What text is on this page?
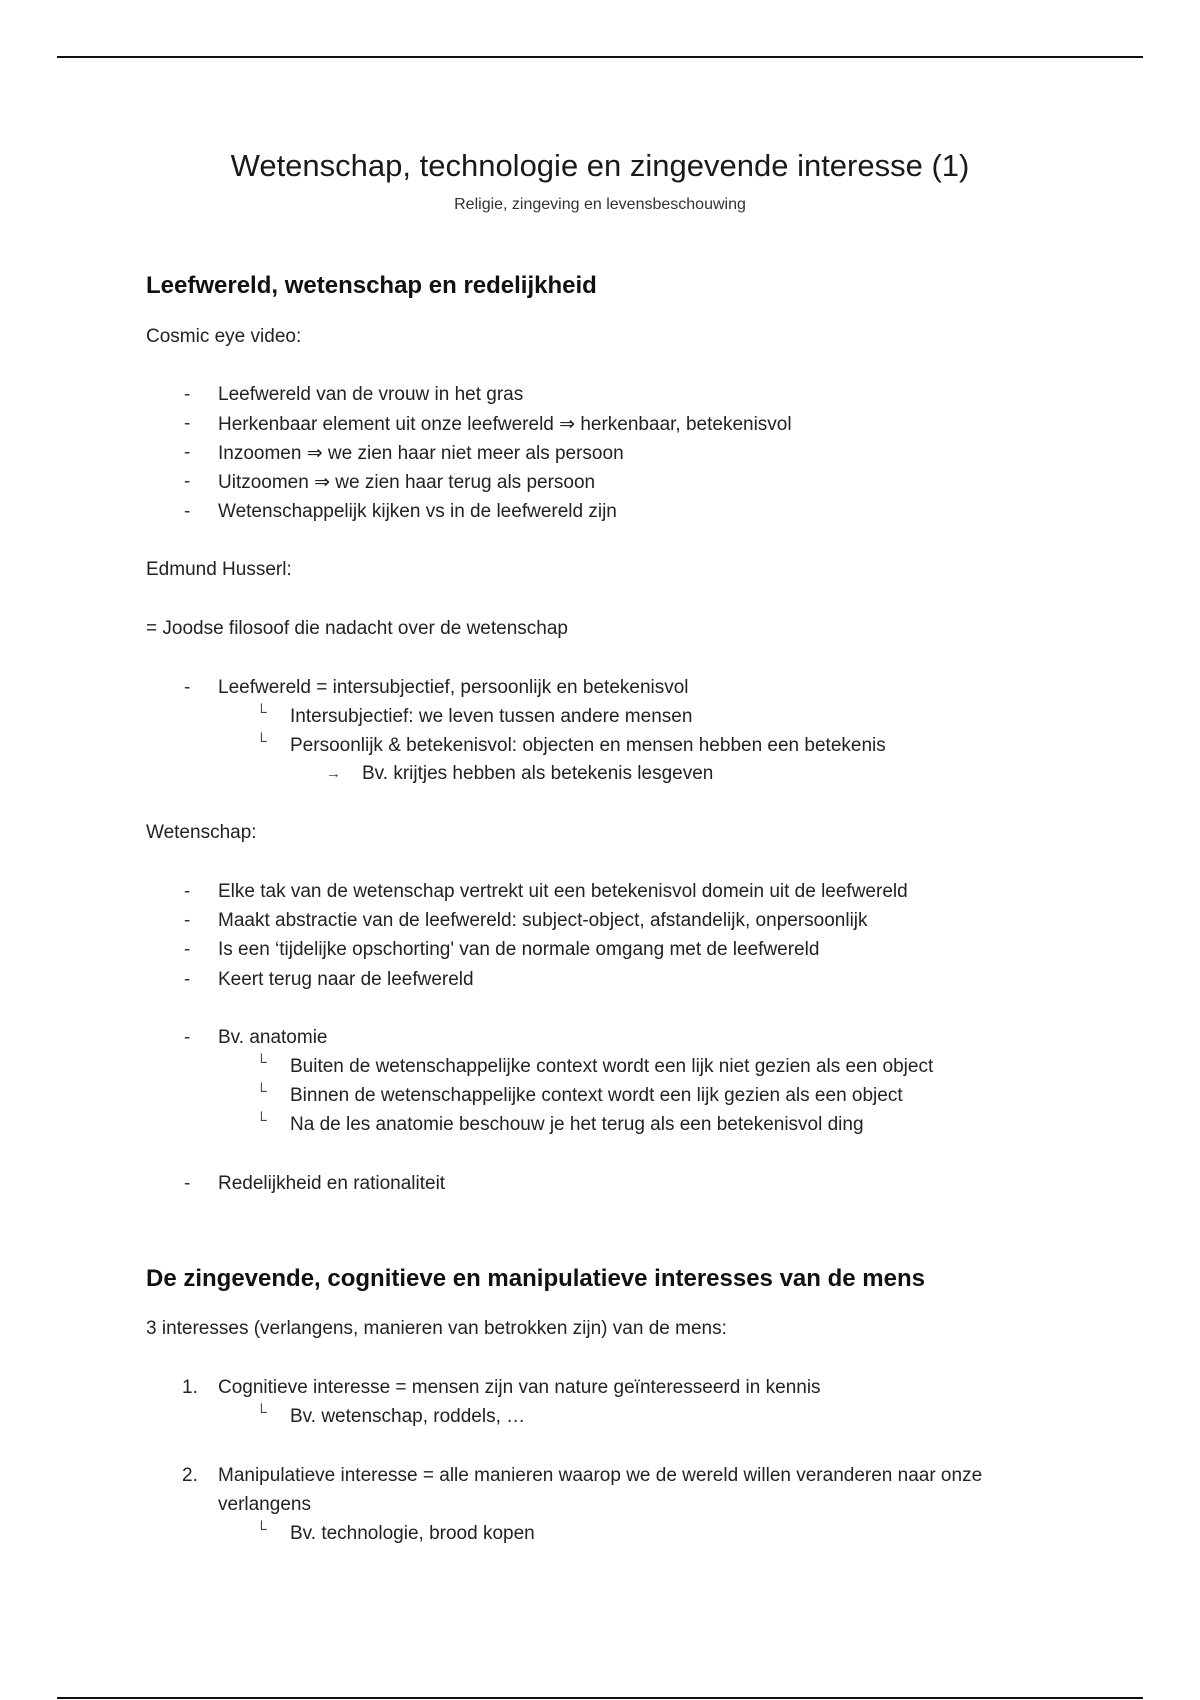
Wetenschap, technologie en zingevende interesse (1)
Religie, zingeving en levensbeschouwing
Leefwereld, wetenschap en redelijkheid
Cosmic eye video:
- Leefwereld van de vrouw in het gras
- Herkenbaar element uit onze leefwereld ⇒ herkenbaar, betekenisvol
- Inzoomen ⇒ we zien haar niet meer als persoon
- Uitzoomen ⇒ we zien haar terug als persoon
- Wetenschappelijk kijken vs in de leefwereld zijn
Edmund Husserl:
= Joodse filosoof die nadacht over de wetenschap
- Leefwereld = intersubjectief, persoonlijk en betekenisvol
└ Intersubjectief: we leven tussen andere mensen
└ Persoonlijk & betekenisvol: objecten en mensen hebben een betekenis
→ Bv. krijtjes hebben als betekenis lesgeven
Wetenschap:
- Elke tak van de wetenschap vertrekt uit een betekenisvol domein uit de leefwereld
- Maakt abstractie van de leefwereld: subject-object, afstandelijk, onpersoonlijk
- Is een ‘tijdelijke opschorting' van de normale omgang met de leefwereld
- Keert terug naar de leefwereld
- Bv. anatomie
└ Buiten de wetenschappelijke context wordt een lijk niet gezien als een object
└ Binnen de wetenschappelijke context wordt een lijk gezien als een object
└ Na de les anatomie beschouw je het terug als een betekenisvol ding
- Redelijkheid en rationaliteit
De zingevende, cognitieve en manipulatieve interesses van de mens
3 interesses (verlangens, manieren van betrokken zijn) van de mens:
1. Cognitieve interesse = mensen zijn van nature geïnteresseerd in kennis
└ Bv. wetenschap, roddels, …
2. Manipulatieve interesse = alle manieren waarop we de wereld willen veranderen naar onze
verlangens
└ Bv. technologie, brood kopen
